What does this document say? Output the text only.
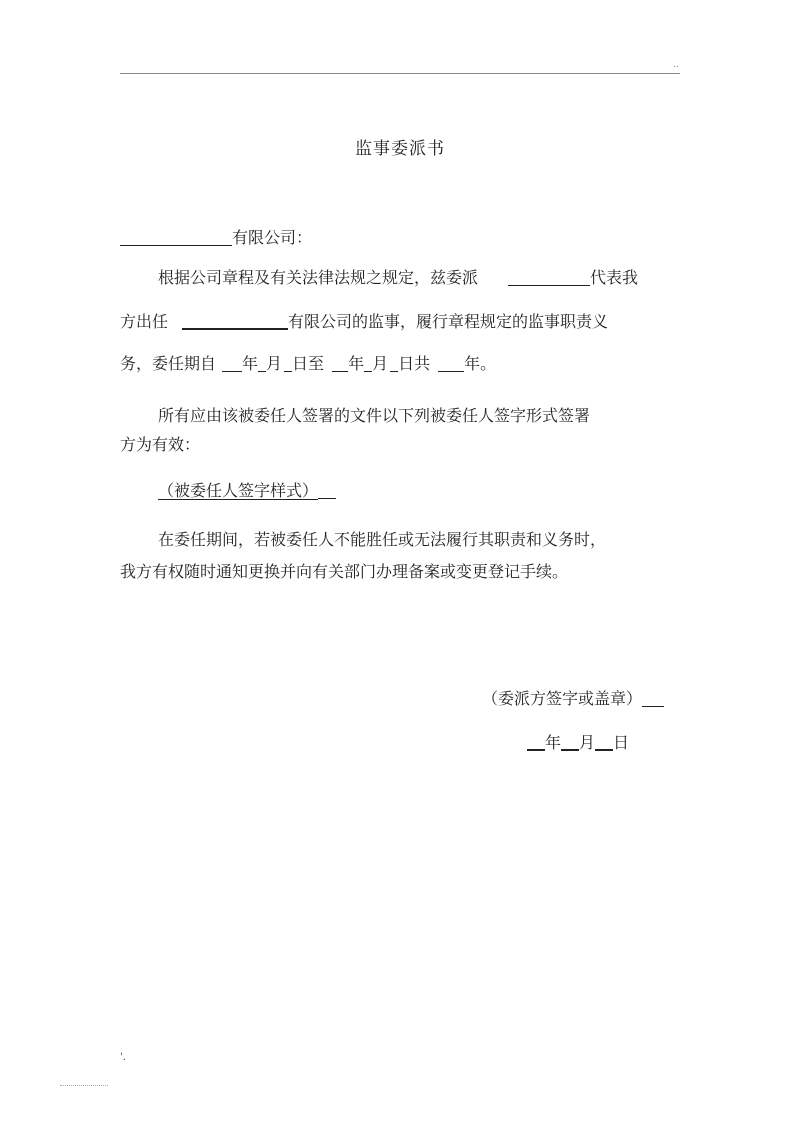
..
监事委派书
有限公司：
根据公司章程及有关法律法规之规定，兹委派	代表我
方出任	有限公司的监事，履行章程规定的监事职责义
务，委任期自 年 月 日至 年 月 日共 年。
所有应由该被委任人签署的文件以下列被委任人签字形式签署
方为有效：
（被委任人签字样式）
在委任期间，若被委任人不能胜任或无法履行其职责和义务时，
我方有权随时通知更换并向有关部门办理备案或变更登记手续。
（委派方签字或盖章）
年 月 日
'.
